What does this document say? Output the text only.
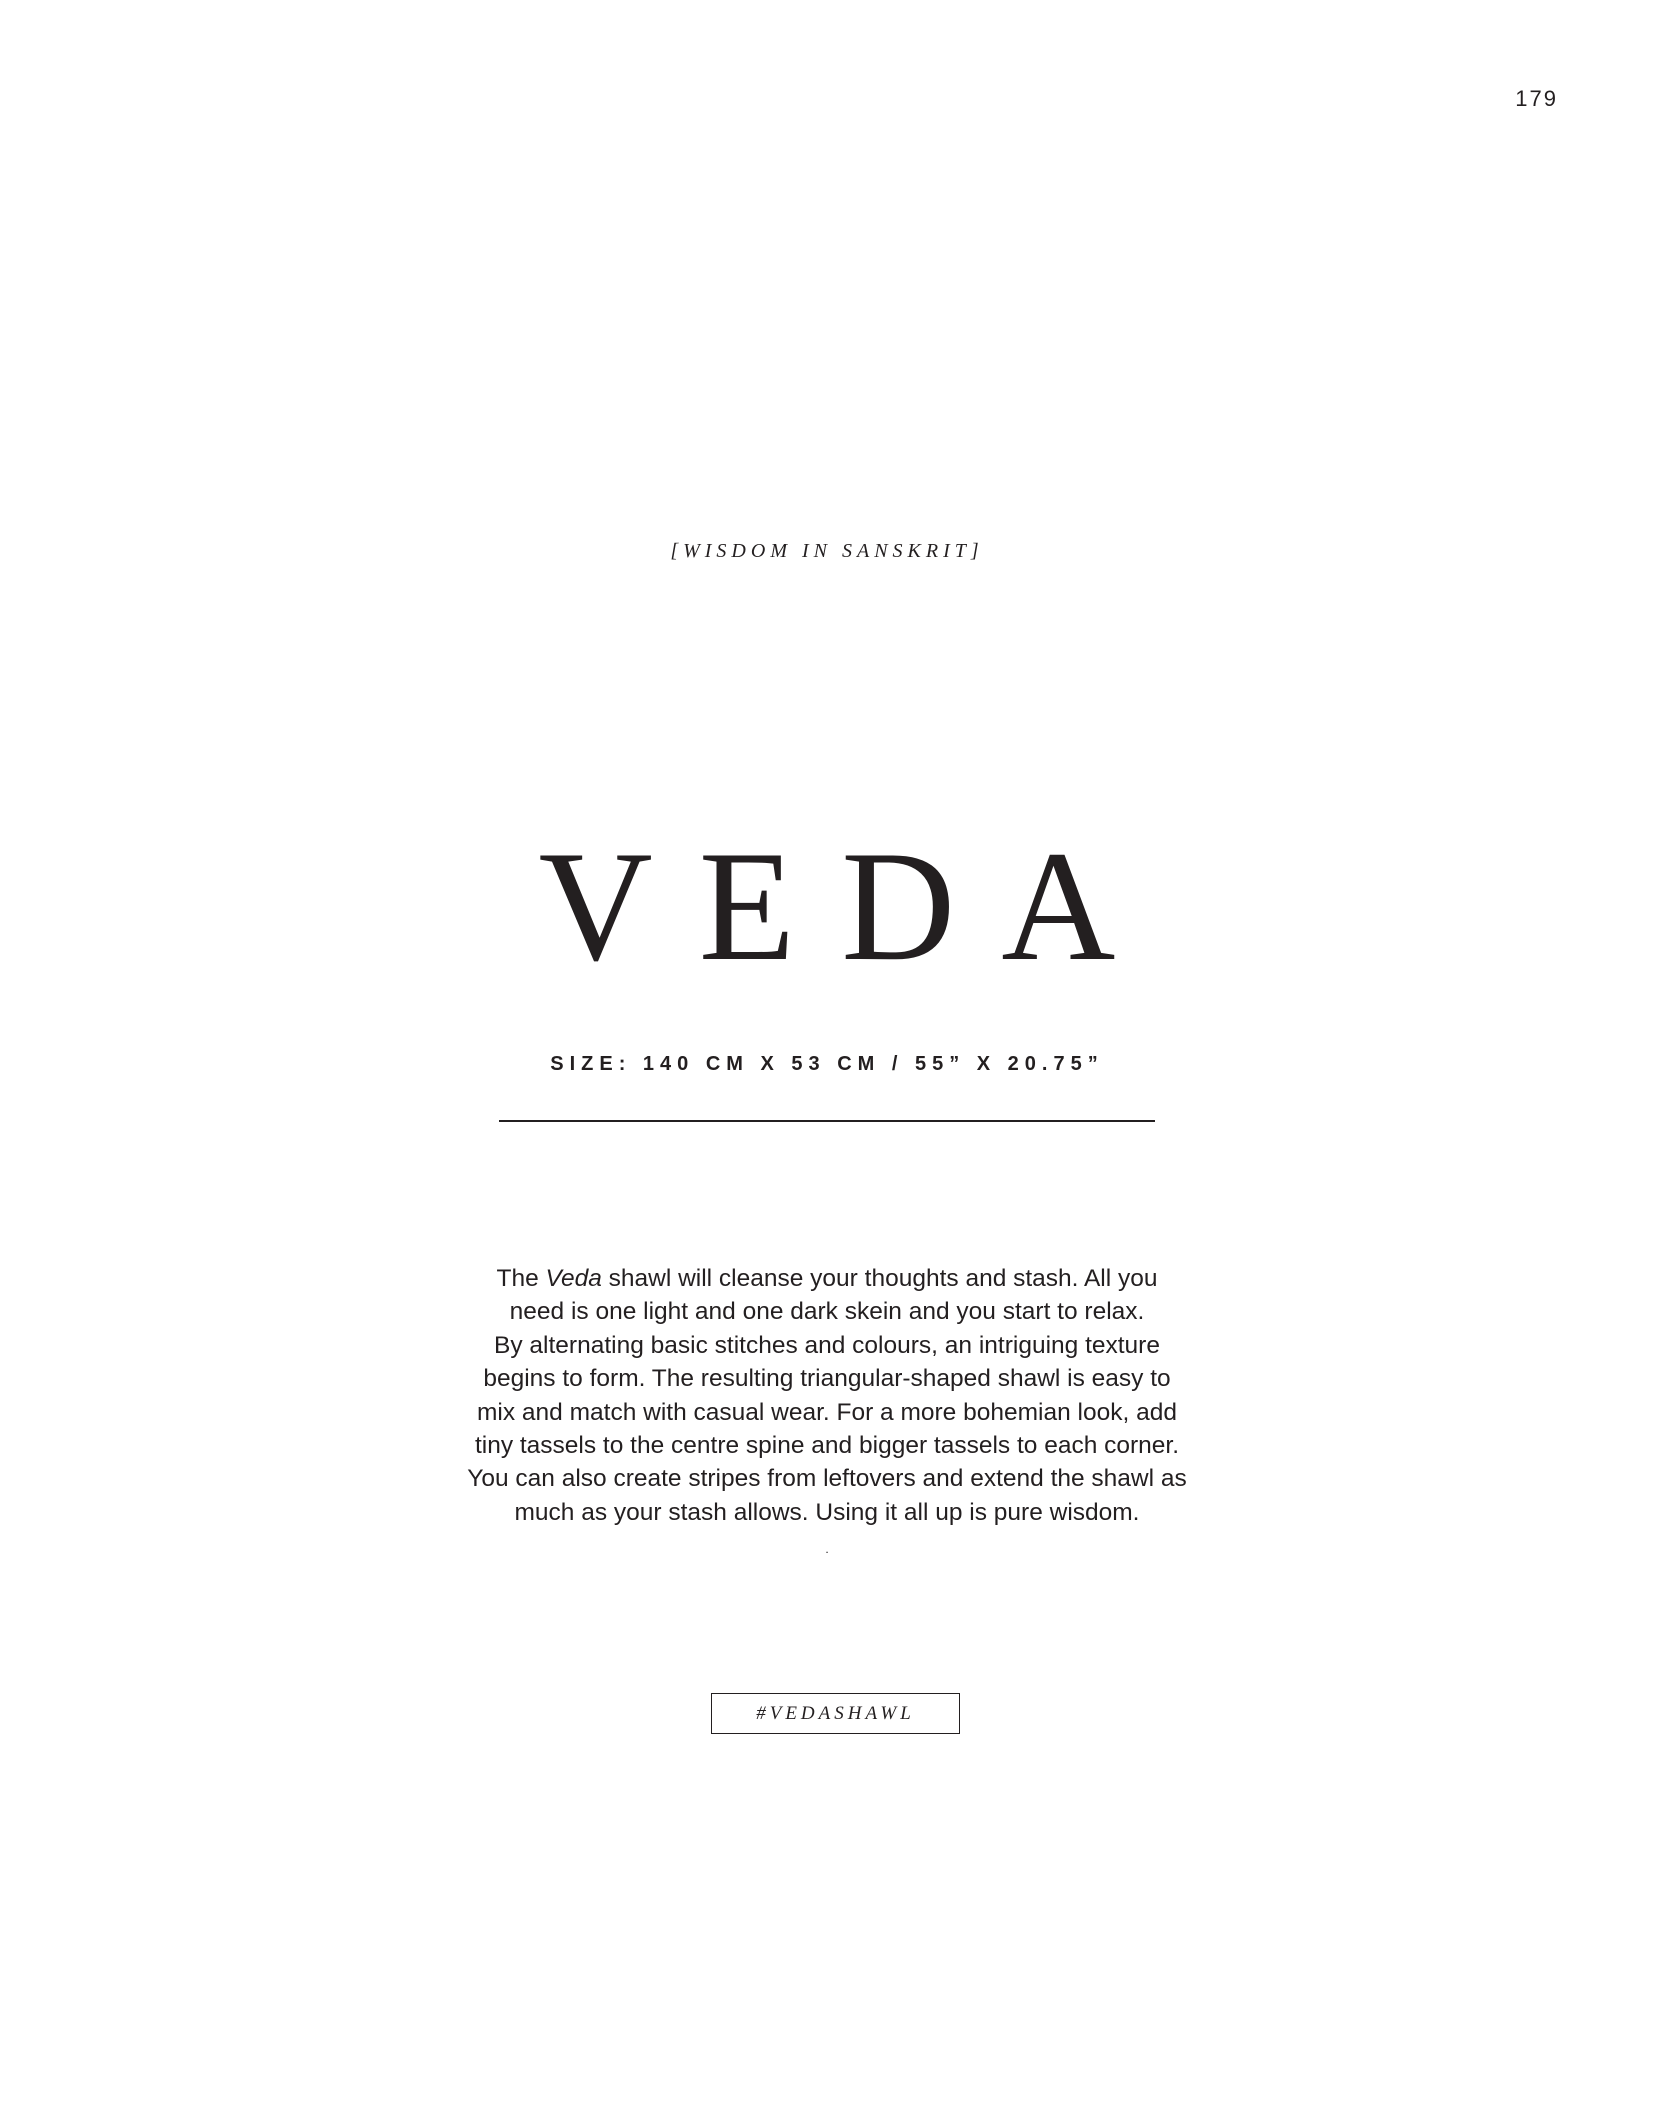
179
[WISDOM IN SANSKRIT]
VEDA
SIZE: 140 CM X 53 CM / 55” X 20.75”

The Veda shawl will cleanse your thoughts and stash. All you

need is one light and one dark skein and you start to relax.

By alternating basic stitches and colours, an intriguing texture

begins to form. The resulting triangular-shaped shawl is easy to

mix and match with casual wear. For a more bohemian look, add

tiny tassels to the centre spine and bigger tassels to each corner.

You can also create stripes from leftovers and extend the shawl as

much as your stash allows. Using it all up is pure wisdom.

.
#VEDASHAWL
